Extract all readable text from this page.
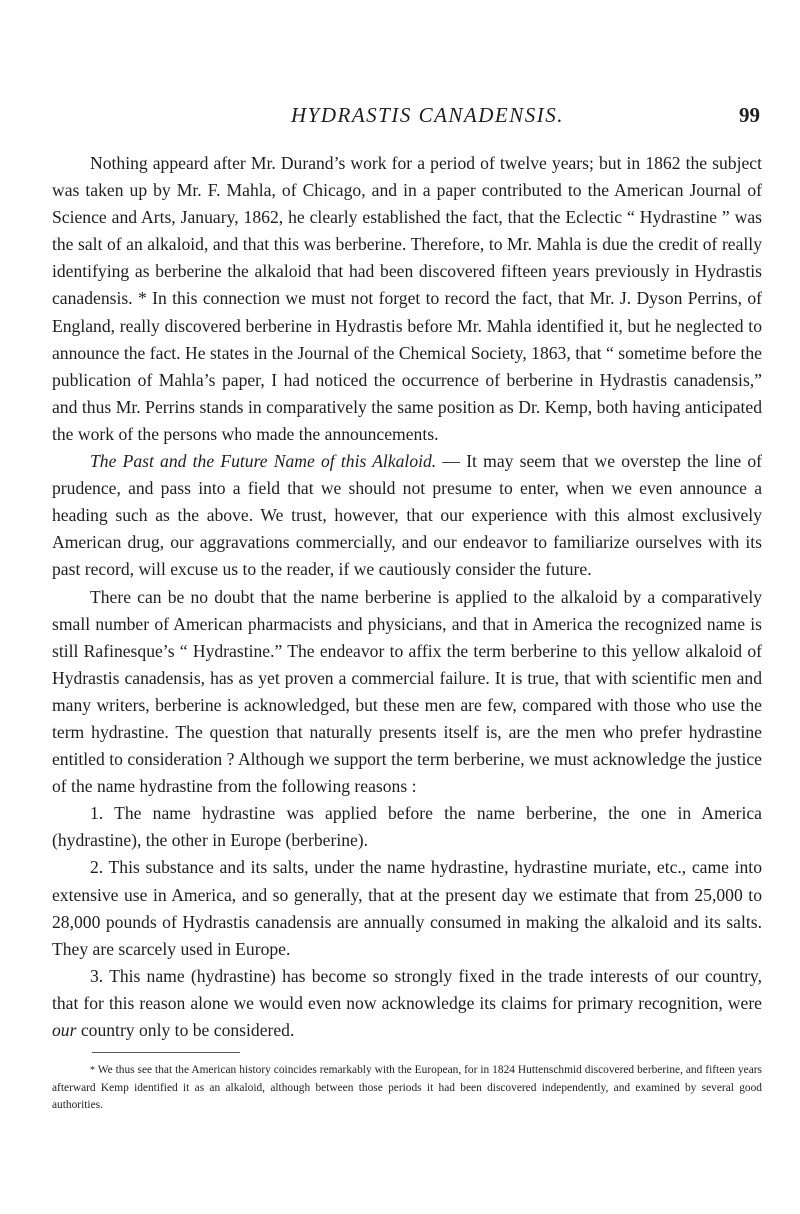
HYDRASTIS CANADENSIS.	99

Nothing appeard after Mr. Durand’s work for a period of twelve years; but in 1862 the subject was taken up by Mr. F. Mahla, of Chicago, and in a paper contributed to the American Journal of Science and Arts, January, 1862, he clearly established the fact, that the Eclectic “ Hydrastine ” was the salt of an alkaloid, and that this was berberine. Therefore, to Mr. Mahla is due the credit of really identifying as berberine the alkaloid that had been discovered fifteen years previously in Hydrastis canadensis. * In this connection we must not forget to record the fact, that Mr. J. Dyson Perrins, of England, really discovered berberine in Hydrastis before Mr. Mahla identified it, but he neglected to announce the fact. He states in the Journal of the Chemical Society, 1863, that “ sometime before the publication of Mahla’s paper, I had noticed the occurrence of berberine in Hydrastis canadensis,” and thus Mr. Perrins stands in comparatively the same position as Dr. Kemp, both having anticipated the work of the persons who made the announcements.

The Past and the Future Name of this Alkaloid. — It may seem that we overstep the line of prudence, and pass into a field that we should not presume to enter, when we even announce a heading such as the above. We trust, however, that our experience with this almost exclusively American drug, our aggravations commercially, and our endeavor to familiarize ourselves with its past record, will excuse us to the reader, if we cautiously consider the future.

There can be no doubt that the name berberine is applied to the alkaloid by a comparatively small number of American pharmacists and physicians, and that in America the recognized name is still Rafinesque’s “ Hydrastine.” The endeavor to affix the term berberine to this yellow alkaloid of Hydrastis canadensis, has as yet proven a commercial failure. It is true, that with scientific men and many writers, berberine is acknowledged, but these men are few, compared with those who use the term hydrastine. The question that naturally presents itself is, are the men who prefer hydrastine entitled to consideration ? Although we support the term berberine, we must acknowledge the justice of the name hydrastine from the following reasons :

1. The name hydrastine was applied before the name berberine, the one in America (hydrastine), the other in Europe (berberine).

2. This substance and its salts, under the name hydrastine, hydrastine muriate, etc., came into extensive use in America, and so generally, that at the present day we estimate that from 25,000 to 28,000 pounds of Hydrastis canadensis are annually consumed in making the alkaloid and its salts. They are scarcely used in Europe.

3. This name (hydrastine) has become so strongly fixed in the trade interests of our country, that for this reason alone we would even now acknowledge its claims for primary recognition, were our country only to be considered.

* We thus see that the American history coincides remarkably with the European, for in 1824 Huttenschmid discovered berberine, and fifteen years afterward Kemp identified it as an alkaloid, although between those periods it had been discovered independently, and examined by several good authorities.
